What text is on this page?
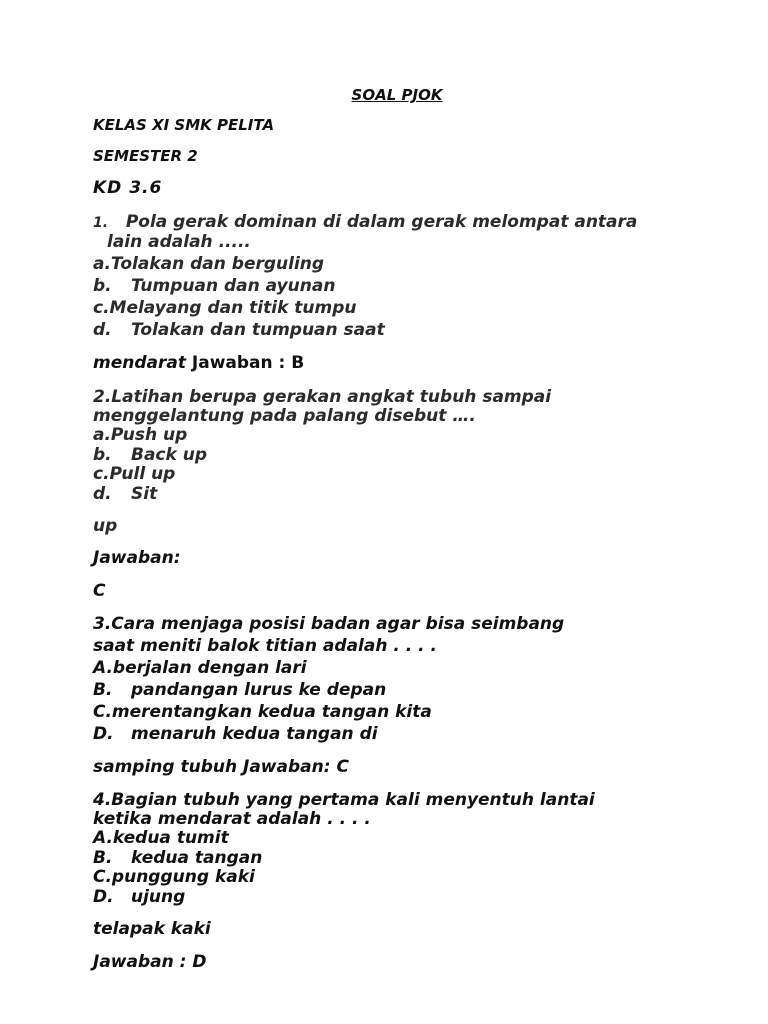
SOAL PJOK

KELAS XI SMK PELITA

SEMESTER 2

KD 3.6

1. Pola gerak dominan di dalam gerak melompat antara

lain adalah .....

a.Tolakan dan berguling

b. Tumpuan dan ayunan

c.Melayang dan titik tumpu

d. Tolakan dan tumpuan saat

mendarat Jawaban : B

2.Latihan berupa gerakan angkat tubuh sampai

menggelantung pada palang disebut ….

a.Push up

b. Back up

c.Pull up

d. Sit

up

Jawaban:

C

3.Cara menjaga posisi badan agar bisa seimbang

saat meniti balok titian adalah . . . .

A.berjalan dengan lari

B. pandangan lurus ke depan

C.merentangkan kedua tangan kita

D. menaruh kedua tangan di

samping tubuh Jawaban: C

4.Bagian tubuh yang pertama kali menyentuh lantai

ketika mendarat adalah . . . .

A.kedua tumit

B. kedua tangan

C.punggung kaki

D. ujung

telapak kaki

Jawaban : D
